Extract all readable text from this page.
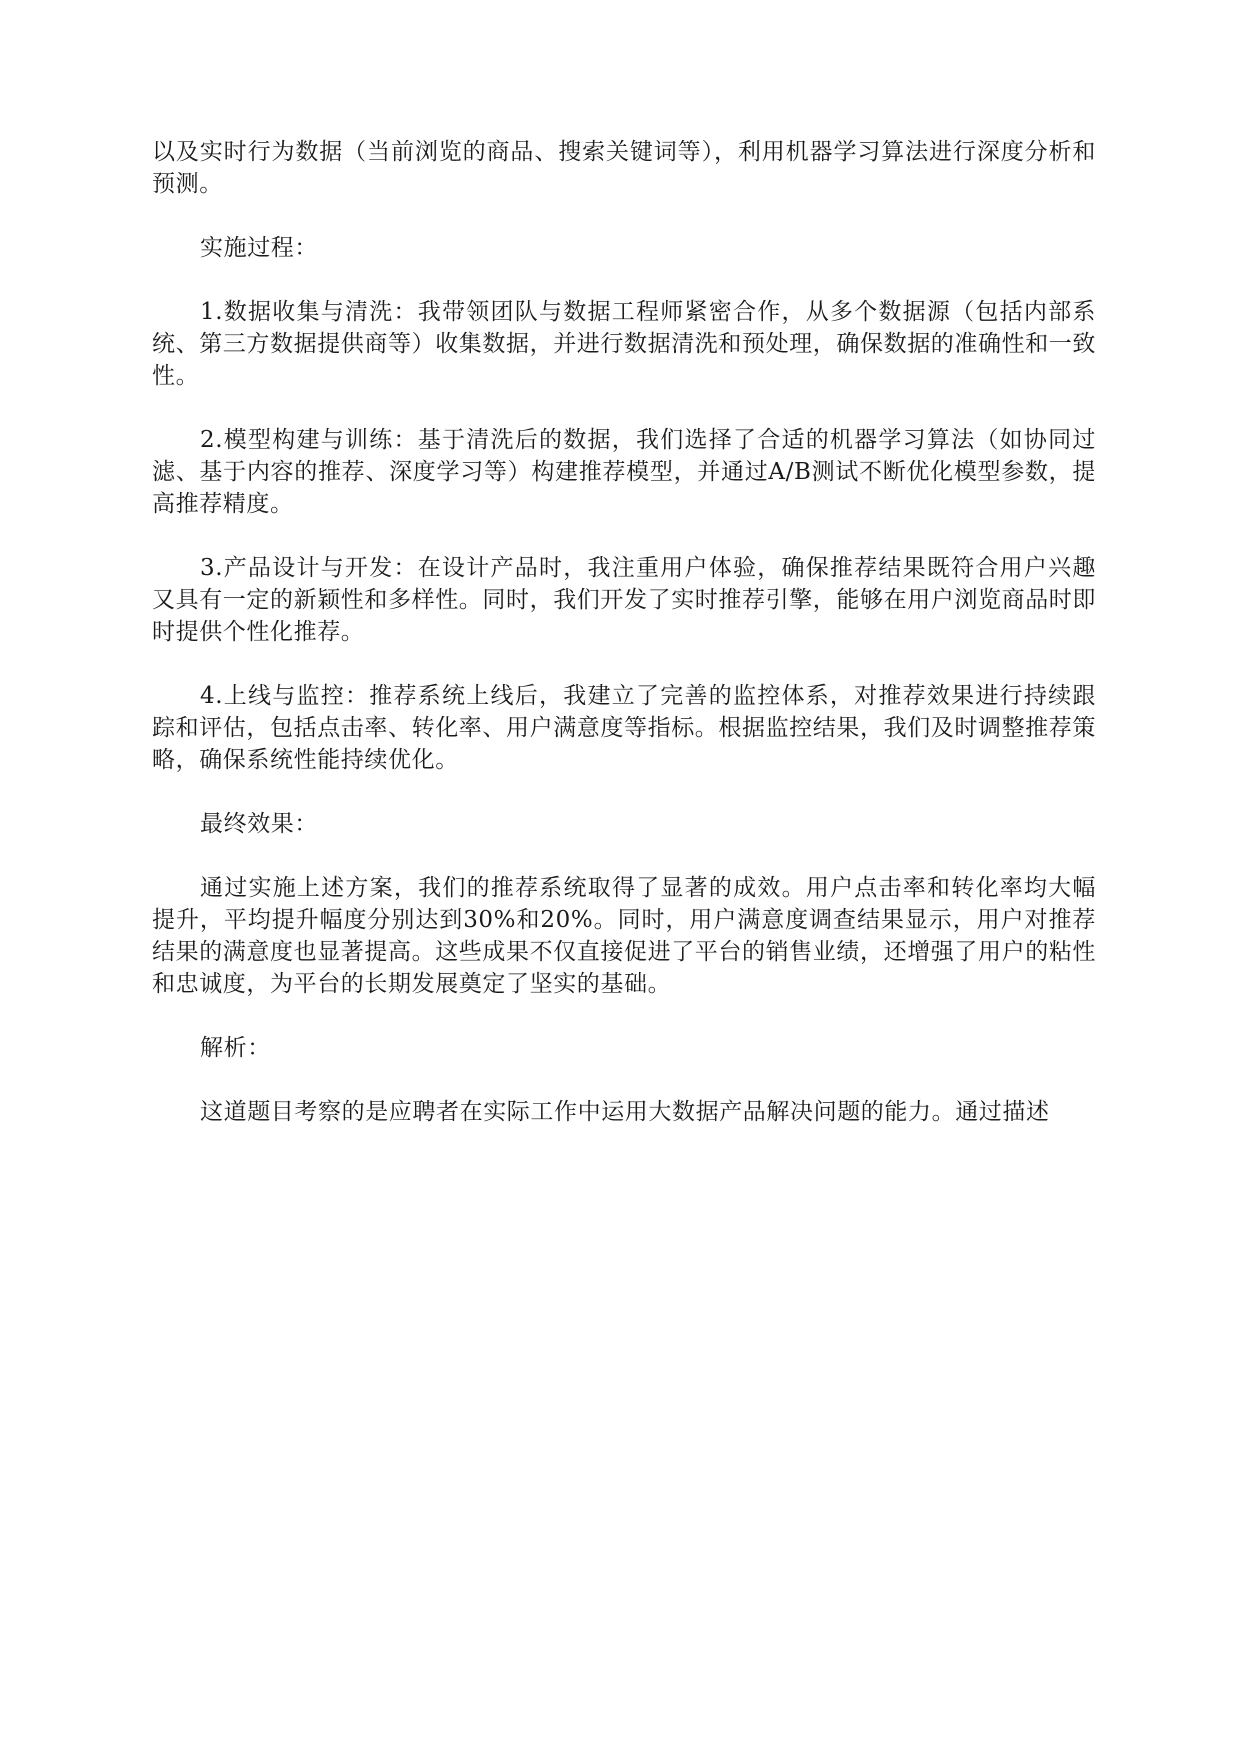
以及实时行为数据（当前浏览的商品、搜索关键词等），利用机器学习算法进行深度分析和预测。

实施过程：

1.数据收集与清洗：我带领团队与数据工程师紧密合作，从多个数据源（包括内部系统、第三方数据提供商等）收集数据，并进行数据清洗和预处理，确保数据的准确性和一致性。

2.模型构建与训练：基于清洗后的数据，我们选择了合适的机器学习算法（如协同过滤、基于内容的推荐、深度学习等）构建推荐模型，并通过A/B测试不断优化模型参数，提高推荐精度。

3.产品设计与开发：在设计产品时，我注重用户体验，确保推荐结果既符合用户兴趣又具有一定的新颖性和多样性。同时，我们开发了实时推荐引擎，能够在用户浏览商品时即时提供个性化推荐。

4.上线与监控：推荐系统上线后，我建立了完善的监控体系，对推荐效果进行持续跟踪和评估，包括点击率、转化率、用户满意度等指标。根据监控结果，我们及时调整推荐策略，确保系统性能持续优化。

最终效果：

通过实施上述方案，我们的推荐系统取得了显著的成效。用户点击率和转化率均大幅提升，平均提升幅度分别达到30%和20%。同时，用户满意度调查结果显示，用户对推荐结果的满意度也显著提高。这些成果不仅直接促进了平台的销售业绩，还增强了用户的粘性和忠诚度，为平台的长期发展奠定了坚实的基础。

解析：

这道题目考察的是应聘者在实际工作中运用大数据产品解决问题的能力。通过描述
